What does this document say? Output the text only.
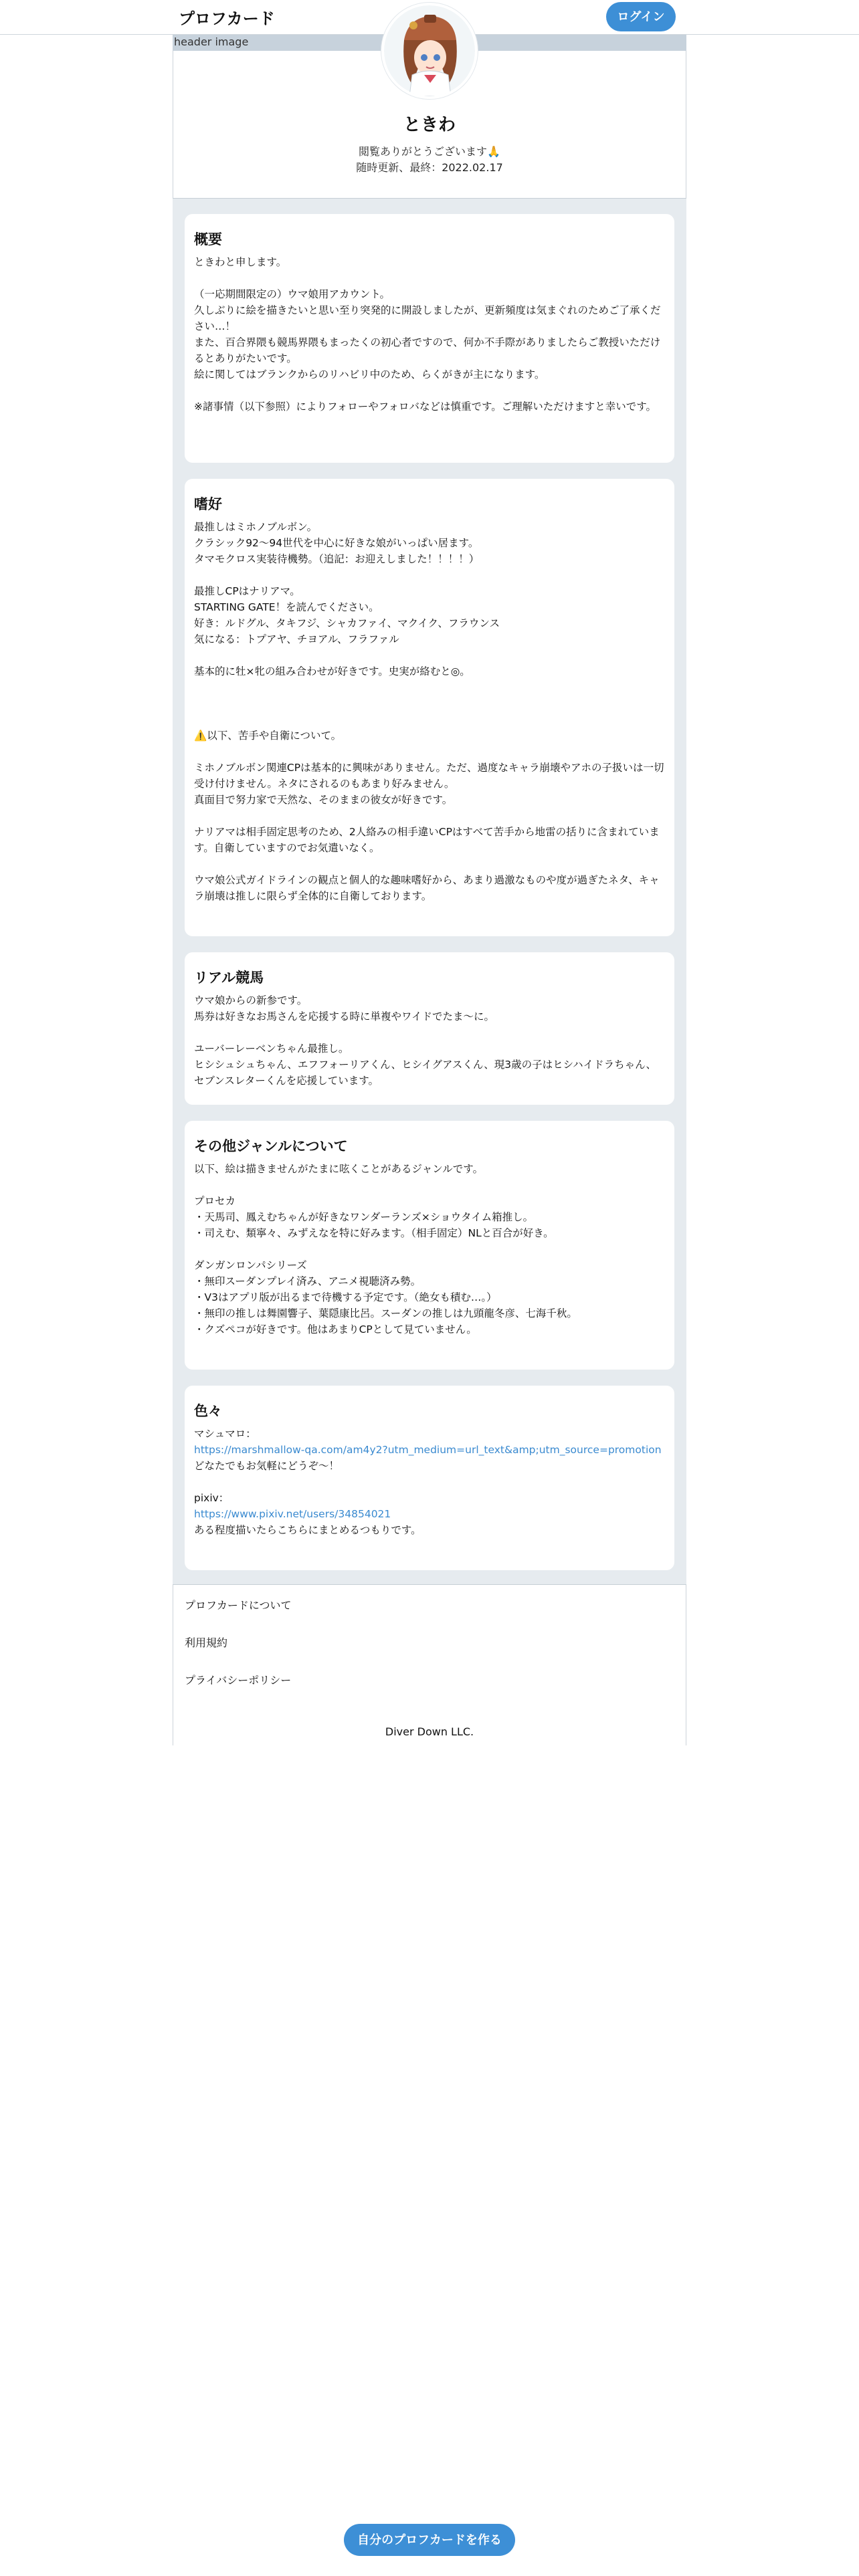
プロフカード	ログイン
header image
ときわ
閲覧ありがとうございます🙏
随時更新、最終：2022.02.17
概要
ときわと申します。

（一応期間限定の）ウマ娘用アカウント。
久しぶりに絵を描きたいと思い至り突発的に開設しましたが、更新頻度は気まぐれのためご了承ください…！
また、百合界隈も競馬界隈もまったくの初心者ですので、何か不手際がありましたらご教授いただけるとありがたいです。
絵に関してはブランクからのリハビリ中のため、らくがきが主になります。

※諸事情（以下参照）によりフォローやフォロバなどは慎重です。ご理解いただけますと幸いです。
嗜好
最推しはミホノブルボン。
クラシック92〜94世代を中心に好きな娘がいっぱい居ます。
タマモクロス実装待機勢。（追記：お迎えしました！！！！）

最推しCPはナリアマ。
STARTING GATE！を読んでください。
好き：ルドグル、タキフジ、シャカファイ、マクイク、フラウンス
気になる：トプアヤ、チヨアル、フラファル

基本的に牡×牝の組み合わせが好きです。史実が絡むと◎。

⚠️以下、苦手や自衛について。

ミホノブルボン関連CPは基本的に興味がありません。ただ、過度なキャラ崩壊やアホの子扱いは一切受け付けません。ネタにされるのもあまり好みません。
真面目で努力家で天然な、そのままの彼女が好きです。

ナリアマは相手固定思考のため、2人絡みの相手違いCPはすべて苦手から地雷の括りに含まれています。自衛していますのでお気遣いなく。

ウマ娘公式ガイドラインの観点と個人的な趣味嗜好から、あまり過激なものや度が過ぎたネタ、キャラ崩壊は推しに限らず全体的に自衛しております。
リアル競馬
ウマ娘からの新参です。
馬券は好きなお馬さんを応援する時に単複やワイドでたま〜に。

ユーバーレーベンちゃん最推し。
ヒシシュシュちゃん、エフフォーリアくん、ヒシイグアスくん、現3歳の子はヒシハイドラちゃん、セブンスレターくんを応援しています。
その他ジャンルについて
以下、絵は描きませんがたまに呟くことがあるジャンルです。

プロセカ
・天馬司、鳳えむちゃんが好きなワンダーランズ×ショウタイム箱推し。
・司えむ、類寧々、みずえなを特に好みます。（相手固定）NLと百合が好き。

ダンガンロンパシリーズ
・無印スーダンプレイ済み、アニメ視聴済み勢。
・V3はアプリ版が出るまで待機する予定です。（絶女も積む…。）
・無印の推しは舞園響子、葉隠康比呂。スーダンの推しは九頭龍冬彦、七海千秋。
・クズペコが好きです。他はあまりCPとして見ていません。
色々
マシュマロ：
https://marshmallow-qa.com/am4y2?utm_medium=url_text&amp;utm_source=promotion
どなたでもお気軽にどうぞ〜！
pixiv：
https://www.pixiv.net/users/34854021
ある程度描いたらこちらにまとめるつもりです。
プロフカードについて
利用規約
プライバシーポリシー
Diver Down LLC.
自分のプロフカードを作る
